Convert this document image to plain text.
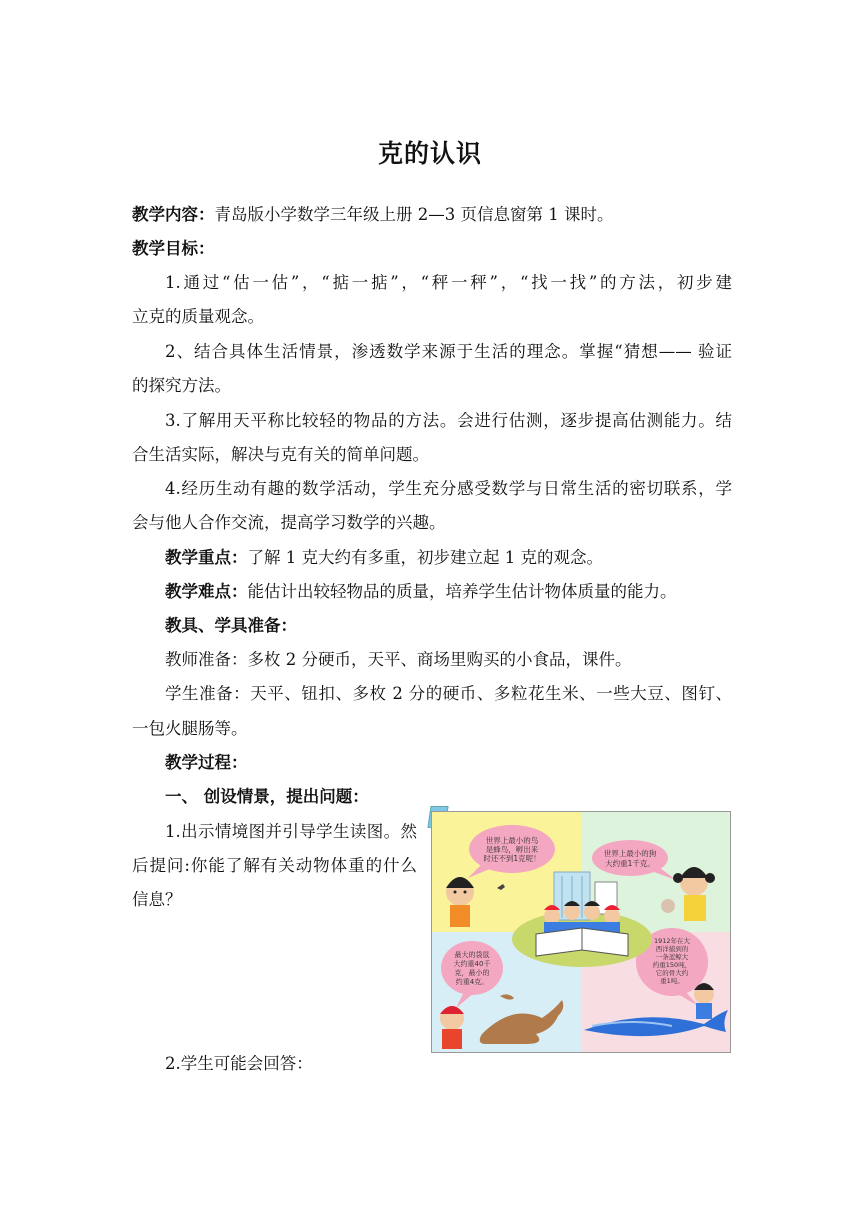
克的认识
教学内容：青岛版小学数学三年级上册 2—3 页信息窗第 1 课时。
教学目标：
1.通过“估一估”，“掂一掂”，“秤一秤”，“找一找”的方法，初步建
立克的质量观念。
2、结合具体生活情景，渗透数学来源于生活的理念。掌握“猜想—— 验证
的探究方法。
3.了解用天平称比较轻的物品的方法。会进行估测，逐步提高估测能力。结
合生活实际，解决与克有关的简单问题。
4.经历生动有趣的数学活动，学生充分感受数学与日常生活的密切联系，学
会与他人合作交流，提高学习数学的兴趣。
教学重点：了解 1 克大约有多重，初步建立起 1 克的观念。
教学难点：能估计出较轻物品的质量，培养学生估计物体质量的能力。
教具、学具准备：
教师准备：多枚 2 分硬币，天平、商场里购买的小食品，课件。
学生准备：天平、钮扣、多枚 2 分的硬币、多粒花生米、一些大豆、图钉、
一包火腿肠等。
教学过程：
一、 创设情景，提出问题：
1.出示情境图并引导学生读图。然
后提问:你能了解有关动物体重的什么
信息？
2.学生可能会回答：
世界上最小的鸟
是蜂鸟，孵出来
时还不到1克呢！
世界上最小的狗
大约重1千克。
最大的袋鼠
大约重40千
克，最小的
约重4克。
1912年在大
西洋捕到的
一条蓝鲸大
约重150吨，
它的骨大约
重1吨。
